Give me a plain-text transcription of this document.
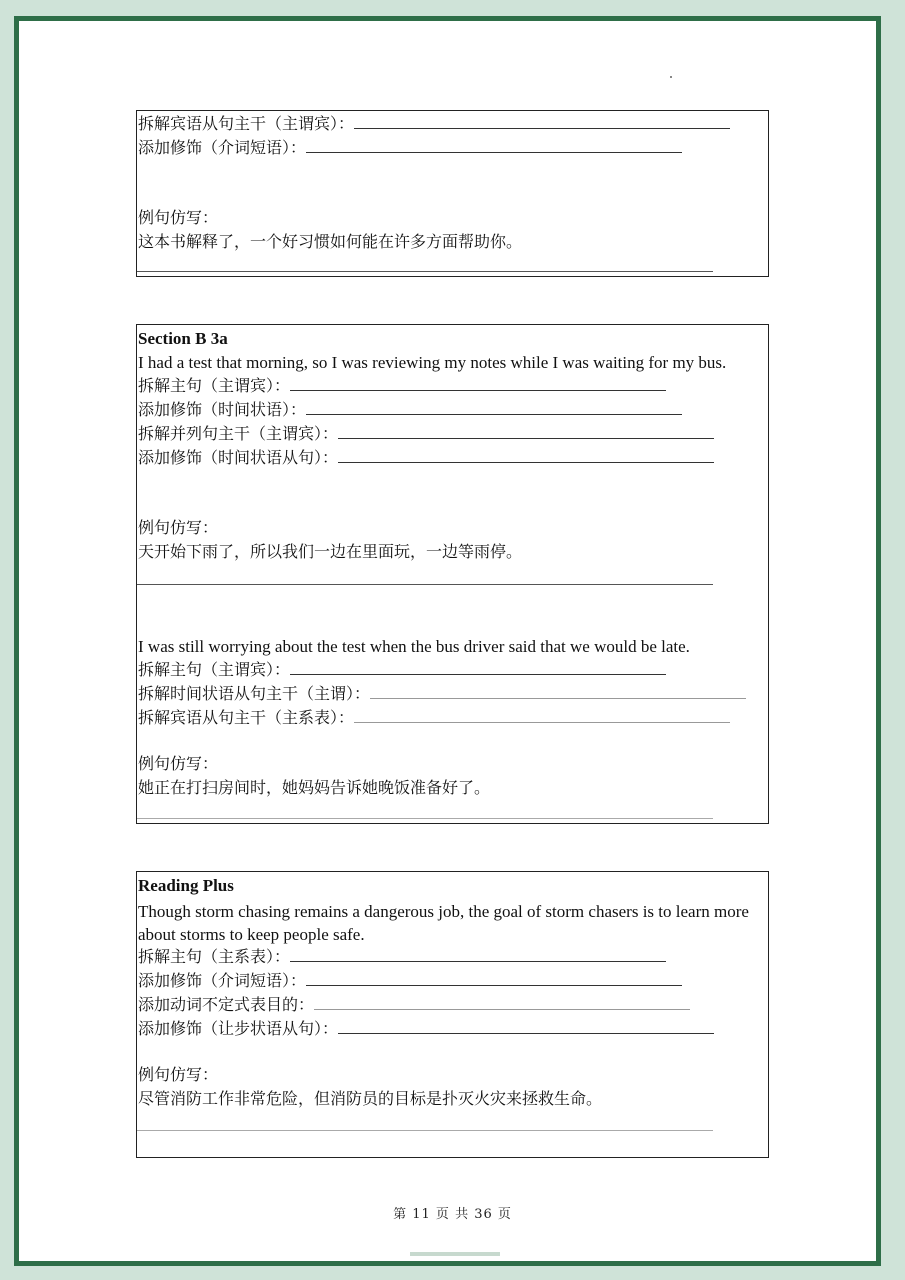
拆解宾语从句主干（主谓宾）：
添加修饰（介词短语）：
例句仿写：
这本书解释了，一个好习惯如何能在许多方面帮助你。
Section B 3a
I had a test that morning, so I was reviewing my notes while I was waiting for my bus.
拆解主句（主谓宾）：
添加修饰（时间状语）：
拆解并列句主干（主谓宾）：
添加修饰（时间状语从句）：
例句仿写：
天开始下雨了，所以我们一边在里面玩，一边等雨停。
I was still worrying about the test when the bus driver said that we would be late.
拆解主句（主谓宾）：
拆解时间状语从句主干（主谓）：
拆解宾语从句主干（主系表）：
例句仿写：
她正在打扫房间时，她妈妈告诉她晚饭准备好了。
Reading Plus
Though storm chasing remains a dangerous job, the goal of storm chasers is to learn more about storms to keep people safe.
拆解主句（主系表）：
添加修饰（介词短语）：
添加动词不定式表目的：
添加修饰（让步状语从句）：
例句仿写：
尽管消防工作非常危险，但消防员的目标是扑灭火灾来拯救生命。
第 11 页 共 36 页
